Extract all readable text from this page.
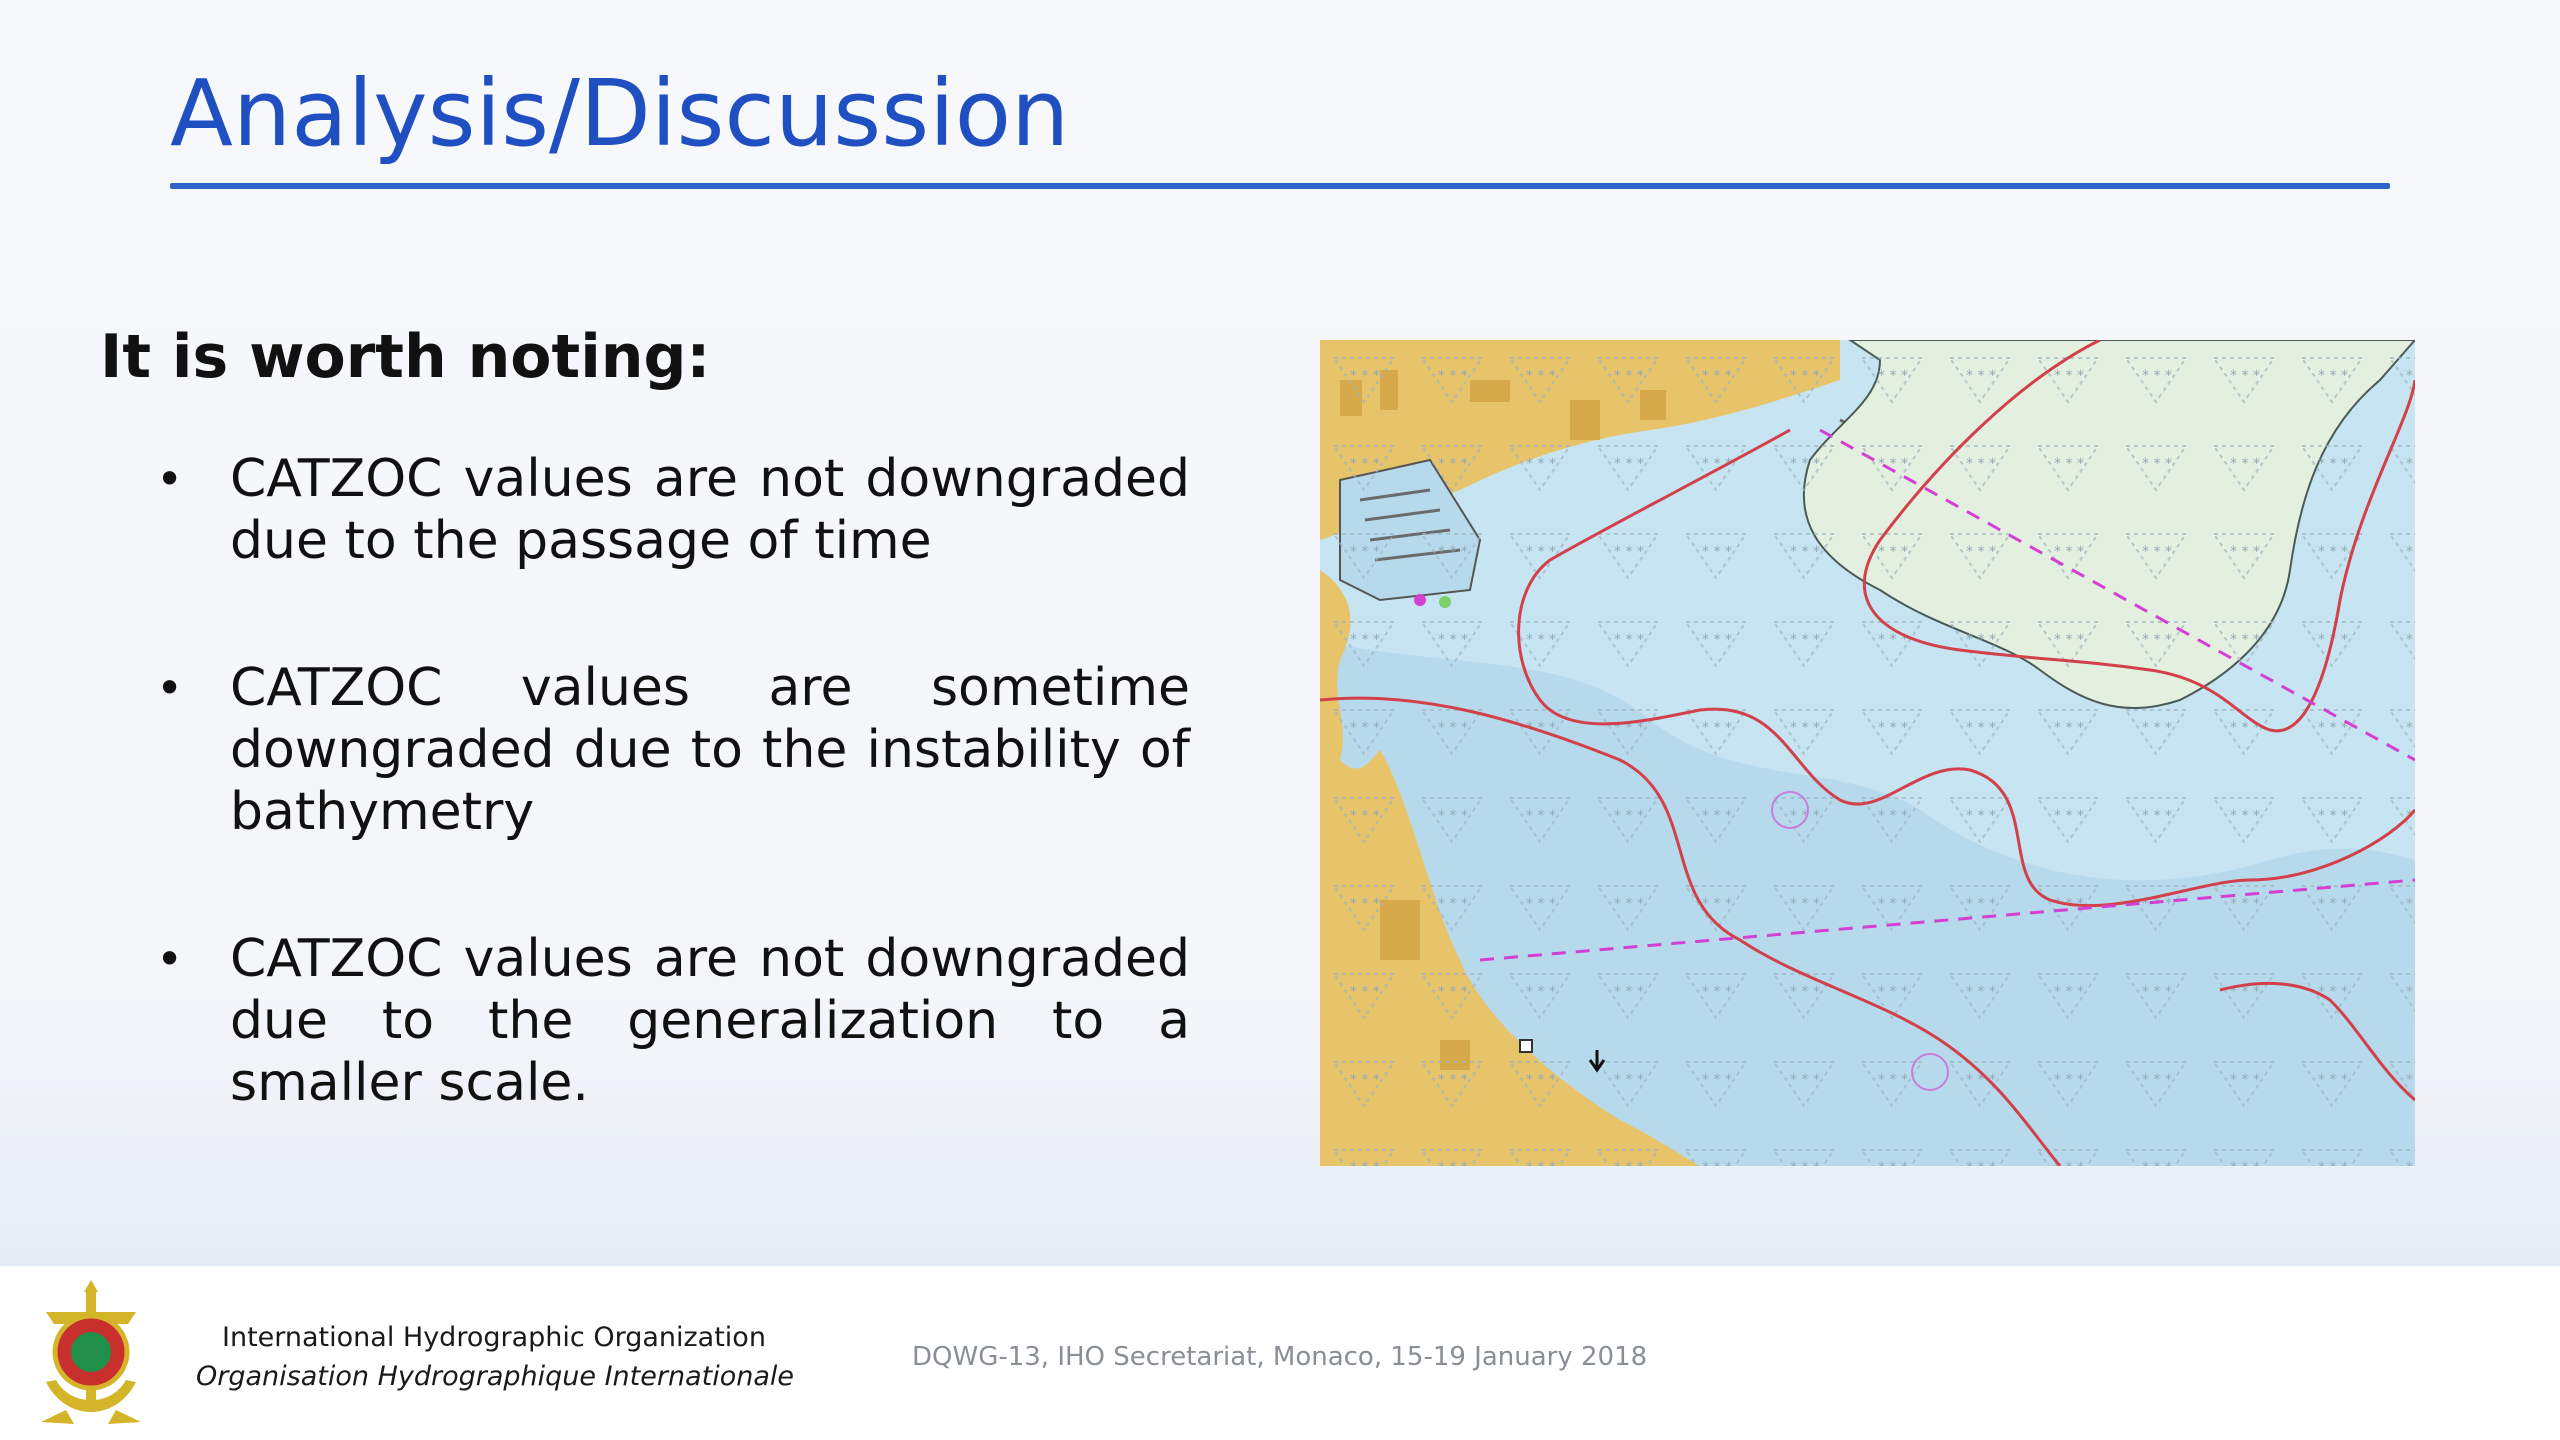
Analysis/Discussion
It is worth noting:
• CATZOC values are not downgraded due to the passage of time
• CATZOC values are sometime downgraded due to the instability of bathymetry
• CATZOC values are not downgraded due to the generalization to a smaller scale.
International Hydrographic Organization
Organisation Hydrographique Internationale
DQWG-13, IHO Secretariat, Monaco, 15-19 January 2018
